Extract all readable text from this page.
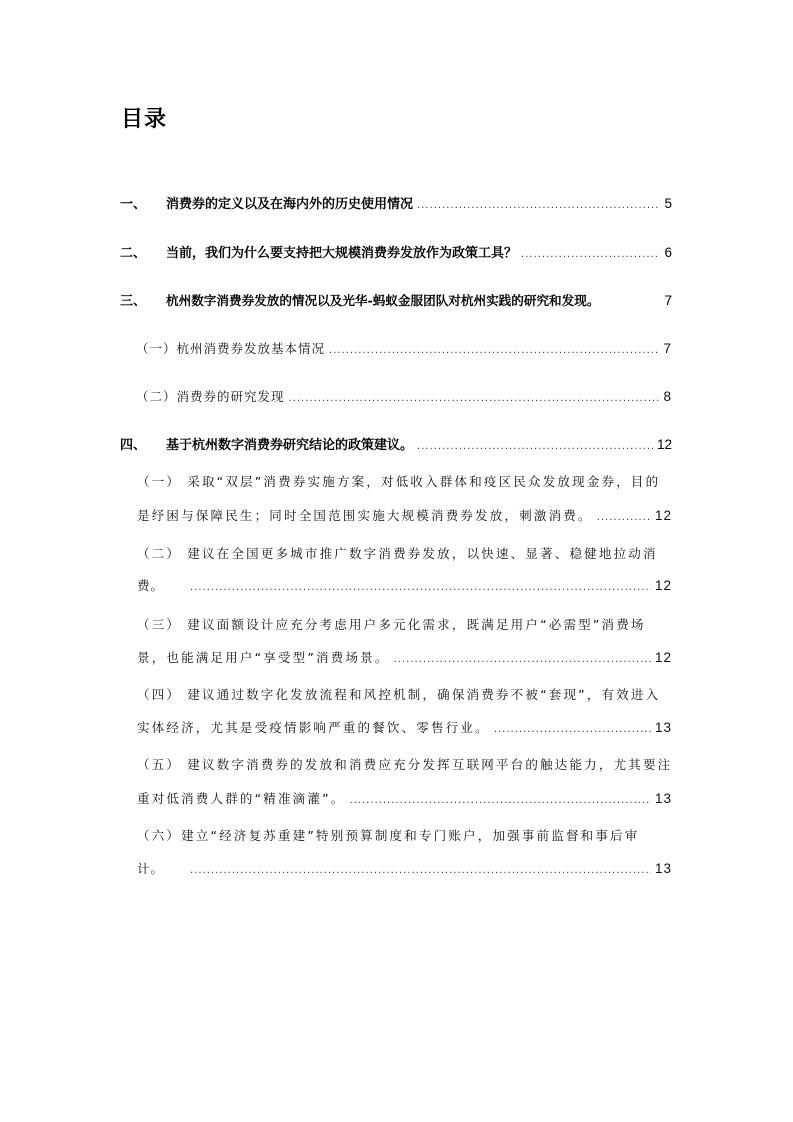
目录
一、 消费券的定义以及在海内外的历史使用情况 .....	5
二、 当前，我们为什么要支持把大规模消费券发放作为政策工具？ .....	6
三、 杭州数字消费券发放的情况以及光华-蚂蚁金服团队对杭州实践的研究和发现。	7
（一）杭州消费券发放基本情况 .....	7
（二）消费券的研究发现 .....	8
四、 基于杭州数字消费券研究结论的政策建议。 .....	12
（一） 采取“双层”消费券实施方案，对低收入群体和疫区民众发放现金券，目的
是纾困与保障民生；同时全国范围实施大规模消费券发放，刺激消费。 .....	12
（二） 建议在全国更多城市推广数字消费券发放，以快速、显著、稳健地拉动消
费。 .....	12
（三） 建议面额设计应充分考虑用户多元化需求，既满足用户“必需型”消费场
景，也能满足用户“享受型”消费场景。 .....	12
（四） 建议通过数字化发放流程和风控机制，确保消费券不被“套现”，有效进入
实体经济，尤其是受疫情影响严重的餐饮、零售行业。 .....	13
（五） 建议数字消费券的发放和消费应充分发挥互联网平台的触达能力，尤其要注
重对低消费人群的“精准滴灌”。 .....	13
（六）建立“经济复苏重建”特别预算制度和专门账户，加强事前监督和事后审
计。 .....	13
